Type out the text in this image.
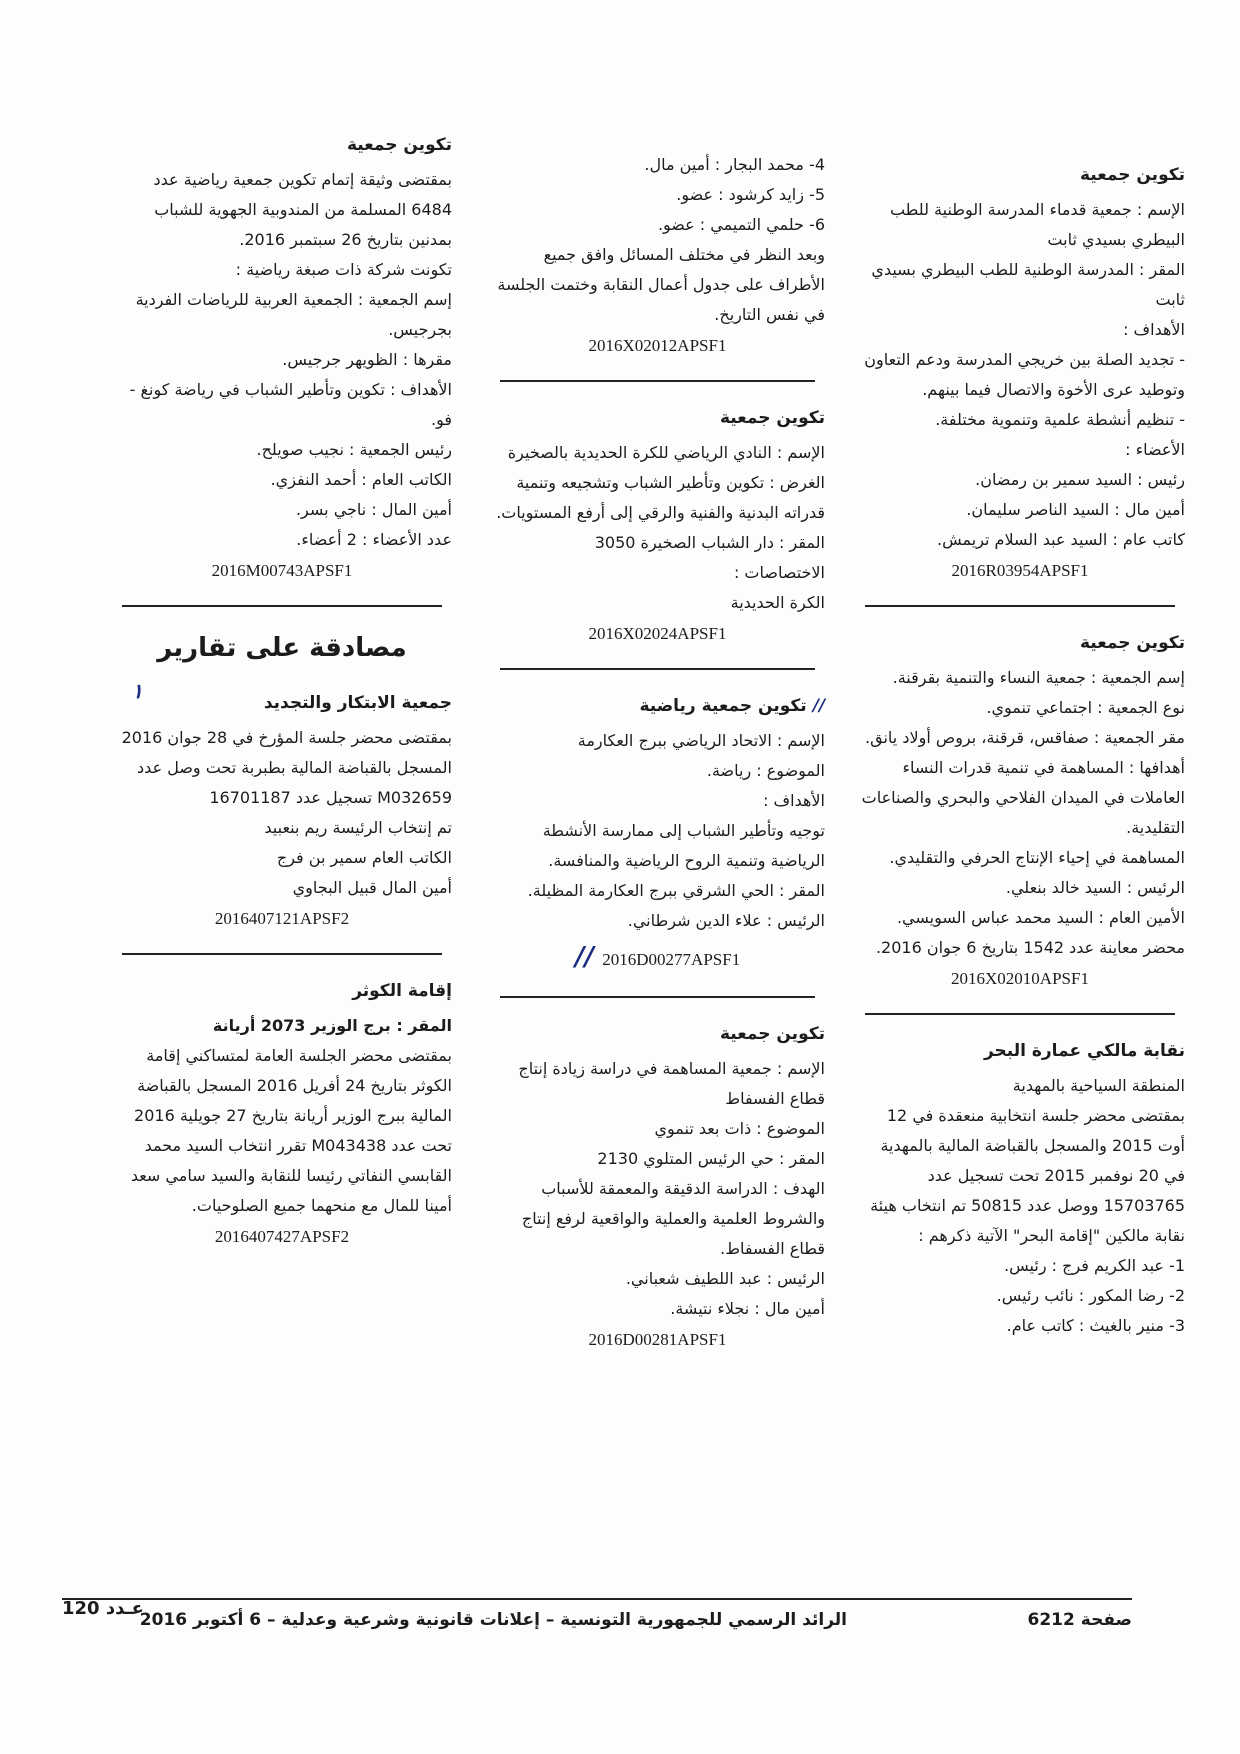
تكوين جمعية

الإسم : جمعية قدماء المدرسة الوطنية للطب البيطري بسيدي ثابت

المقر : المدرسة الوطنية للطب البيطري بسيدي ثابت

الأهداف :

- تجديد الصلة بين خريجي المدرسة ودعم التعاون وتوطيد عرى الأخوة والاتصال فيما بينهم.

- تنظيم أنشطة علمية وتنموية مختلفة.

الأعضاء :

رئيس : السيد سمير بن رمضان.

أمين مال : السيد الناصر سليمان.

كاتب عام : السيد عبد السلام تريمش.

2016R03954APSF1

تكوين جمعية

إسم الجمعية : جمعية النساء والتنمية بقرقنة.

نوع الجمعية : اجتماعي تنموي.

مقر الجمعية : صفاقس، قرقنة، بروص أولاد يانق.

أهدافها : المساهمة في تنمية قدرات النساء العاملات في الميدان الفلاحي والبحري والصناعات التقليدية.

المساهمة في إحياء الإنتاج الحرفي والتقليدي.

الرئيس : السيد خالد بنعلي.

الأمين العام : السيد محمد عباس السويسي.

محضر معاينة عدد 1542 بتاريخ 6 جوان 2016.

2016X02010APSF1

نقابة مالكي عمارة البحر

المنطقة السياحية بالمهدية

بمقتضى محضر جلسة انتخابية منعقدة في 12 أوت 2015 والمسجل بالقباضة المالية بالمهدية في 20 نوفمبر 2015 تحت تسجيل عدد 15703765 ووصل عدد 50815 تم انتخاب هيئة نقابة مالكين "إقامة البحر" الآتية ذكرهم :

1- عبد الكريم فرج : رئيس.

2- رضا المكور : نائب رئيس.

3- منير بالغيث : كاتب عام.

4- محمد البجار : أمين مال.

5- زايد كرشود : عضو.

6- حلمي التميمي : عضو.

وبعد النظر في مختلف المسائل وافق جميع الأطراف على جدول أعمال النقابة وختمت الجلسة في نفس التاريخ.

2016X02012APSF1

تكوين جمعية

الإسم : النادي الرياضي للكرة الحديدية بالصخيرة

الغرض : تكوين وتأطير الشباب وتشجيعه وتنمية قدراته البدنية والفنية والرقي إلى أرفع المستويات.

المقر : دار الشباب الصخيرة 3050

الاختصاصات :

الكرة الحديدية

2016X02024APSF1

// تكوين جمعية رياضية

الإسم : الاتحاد الرياضي ببرج العكارمة

الموضوع : رياضة.

الأهداف :

توجيه وتأطير الشباب إلى ممارسة الأنشطة الرياضية وتنمية الروح الرياضية والمنافسة.

المقر : الحي الشرقي ببرج العكارمة المظيلة.

الرئيس : علاء الدين شرطاني.

// 2016D00277APSF1

تكوين جمعية

الإسم : جمعية المساهمة في دراسة زيادة إنتاج قطاع الفسفاط

الموضوع : ذات بعد تنموي

المقر : حي الرئيس المتلوي 2130

الهدف : الدراسة الدقيقة والمعمقة للأسباب والشروط العلمية والعملية والواقعية لرفع إنتاج قطاع الفسفاط.

الرئيس : عبد اللطيف شعباني.

أمين مال : نجلاء نتيشة.

2016D00281APSF1

تكوين جمعية

بمقتضى وثيقة إتمام تكوين جمعية رياضية عدد 6484 المسلمة من المندوبية الجهوية للشباب بمدنين بتاريخ 26 سبتمبر 2016.

تكونت شركة ذات صبغة رياضية :

إسم الجمعية : الجمعية العربية للرياضات الفردية بجرجيس.

مقرها : الظويهر جرجيس.

الأهداف : تكوين وتأطير الشباب في رياضة كونغ - فو.

رئيس الجمعية : نجيب صويلح.

الكاتب العام : أحمد النفزي.

أمين المال : ناجي بسر.

عدد الأعضاء : 2 أعضاء.

2016M00743APSF1

مصادقة على تقارير
١	جمعية الابتكار والتجديد

بمقتضى محضر جلسة المؤرخ في 28 جوان 2016 المسجل بالقباضة المالية بطبربة تحت وصل عدد M032659 تسجيل عدد 16701187

تم إنتخاب الرئيسة ريم بنعبيد

الكاتب العام سمير بن فرج

أمين المال قبيل البجاوي

2016407121APSF2

إقامة الكوثر

المقر : برج الوزير 2073 أريانة

بمقتضى محضر الجلسة العامة لمتساكني إقامة الكوثر بتاريخ 24 أفريل 2016 المسجل بالقباضة المالية ببرج الوزير أريانة بتاريخ 27 جويلية 2016 تحت عدد M043438 تقرر انتخاب السيد محمد القابسي النفاتي رئيسا للنقابة والسيد سامي سعد أمينا للمال مع منحهما جميع الصلوحيات.

2016407427APSF2

صفحة 6212
الرائد الرسمي للجمهورية التونسية – إعلانات قانونية وشرعية وعدلية – 6 أكتوبر 2016
عـدد 120
